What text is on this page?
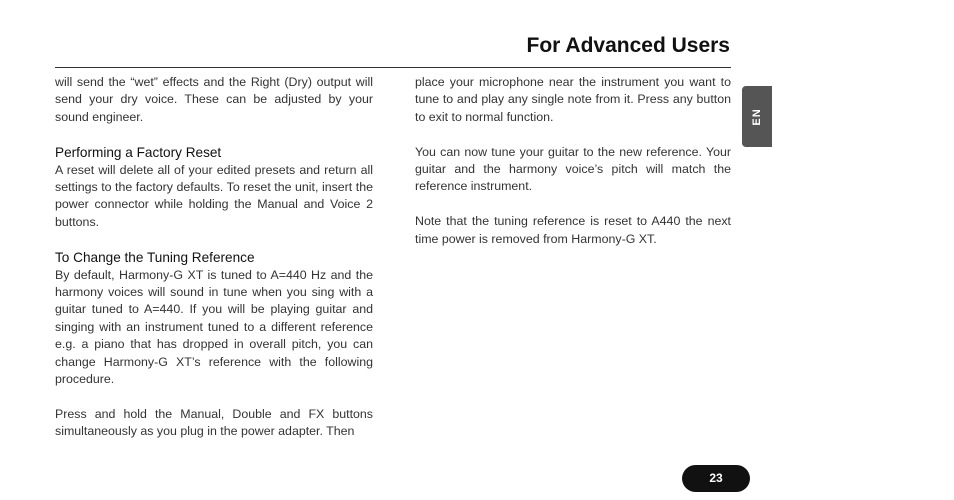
For Advanced Users

will send the “wet” effects and the Right (Dry) output will send your dry voice. These can be adjusted by your sound engineer.

Performing a Factory Reset

A reset will delete all of your edited presets and return all settings to the factory defaults. To reset the unit, insert the power connector while holding the Manual and Voice 2 buttons.

To Change the Tuning Reference

By default, Harmony-G XT is tuned to A=440 Hz and the harmony voices will sound in tune when you sing with a guitar tuned to A=440. If you will be playing guitar and singing with an instrument tuned to a different reference e.g. a piano that has dropped in overall pitch, you can change Harmony-G XT’s reference with the following procedure.

Press and hold the Manual, Double and FX buttons simultaneously as you plug in the power adapter. Then

place your microphone near the instrument you want to tune to and play any single note from it. Press any button to exit to normal function.

You can now tune your guitar to the new reference. Your guitar and the harmony voice’s pitch will match the reference instrument.

Note that the tuning reference is reset to A440 the next time power is removed from Harmony-G XT.

EN
23
